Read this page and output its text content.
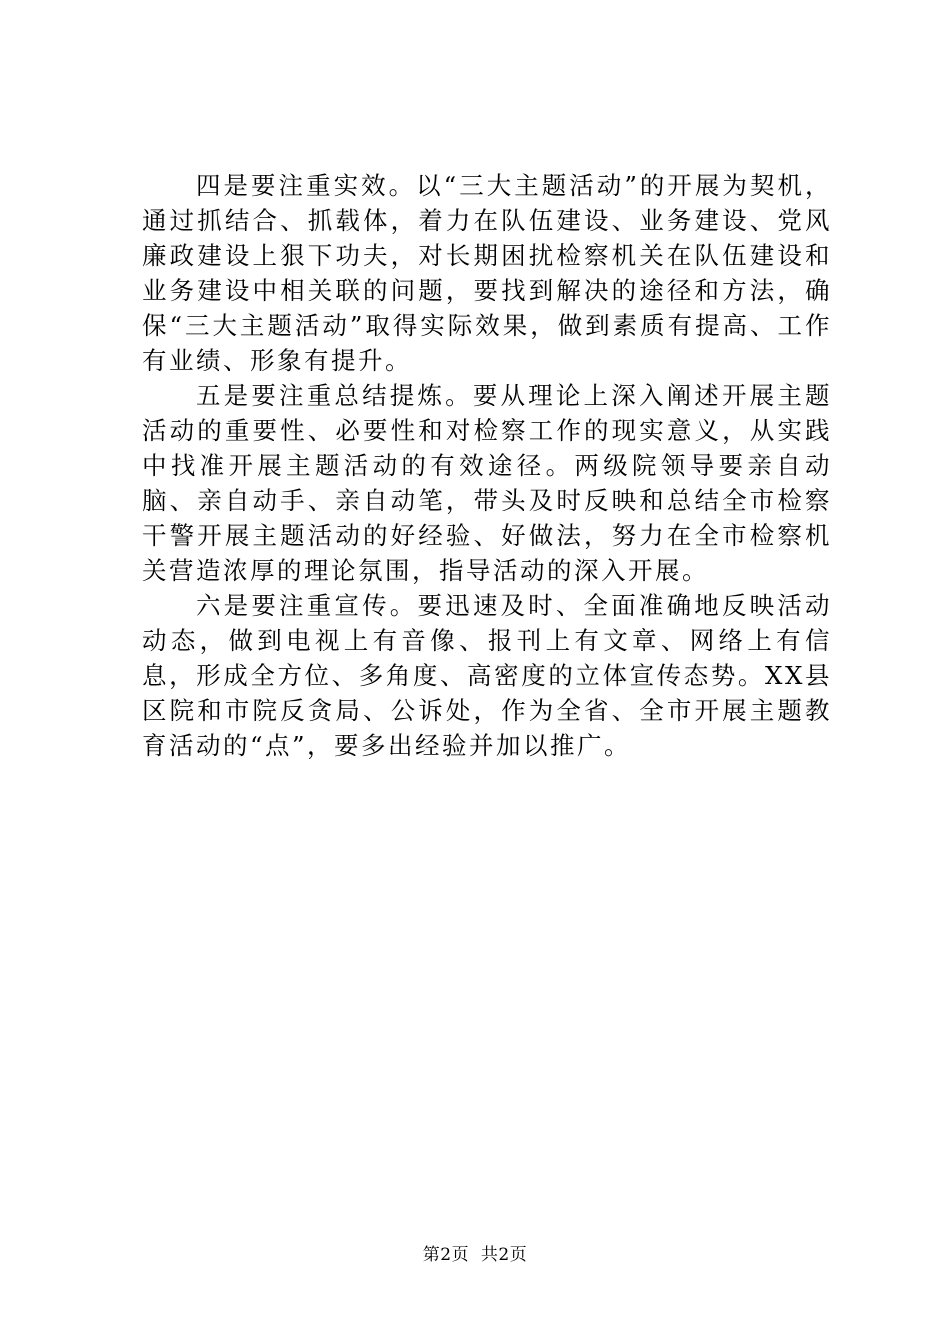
四是要注重实效。以“三大主题活动”的开展为契机，通过抓结合、抓载体，着力在队伍建设、业务建设、党风廉政建设上狠下功夫，对长期困扰检察机关在队伍建设和业务建设中相关联的问题，要找到解决的途径和方法，确保“三大主题活动”取得实际效果，做到素质有提高、工作有业绩、形象有提升。

五是要注重总结提炼。要从理论上深入阐述开展主题活动的重要性、必要性和对检察工作的现实意义，从实践中找准开展主题活动的有效途径。两级院领导要亲自动脑、亲自动手、亲自动笔，带头及时反映和总结全市检察干警开展主题活动的好经验、好做法，努力在全市检察机关营造浓厚的理论氛围，指导活动的深入开展。

六是要注重宣传。要迅速及时、全面准确地反映活动动态，做到电视上有音像、报刊上有文章、网络上有信息，形成全方位、多角度、高密度的立体宣传态势。XX县区院和市院反贪局、公诉处，作为全省、全市开展主题教育活动的“点”，要多出经验并加以推广。

第2页  共2页
